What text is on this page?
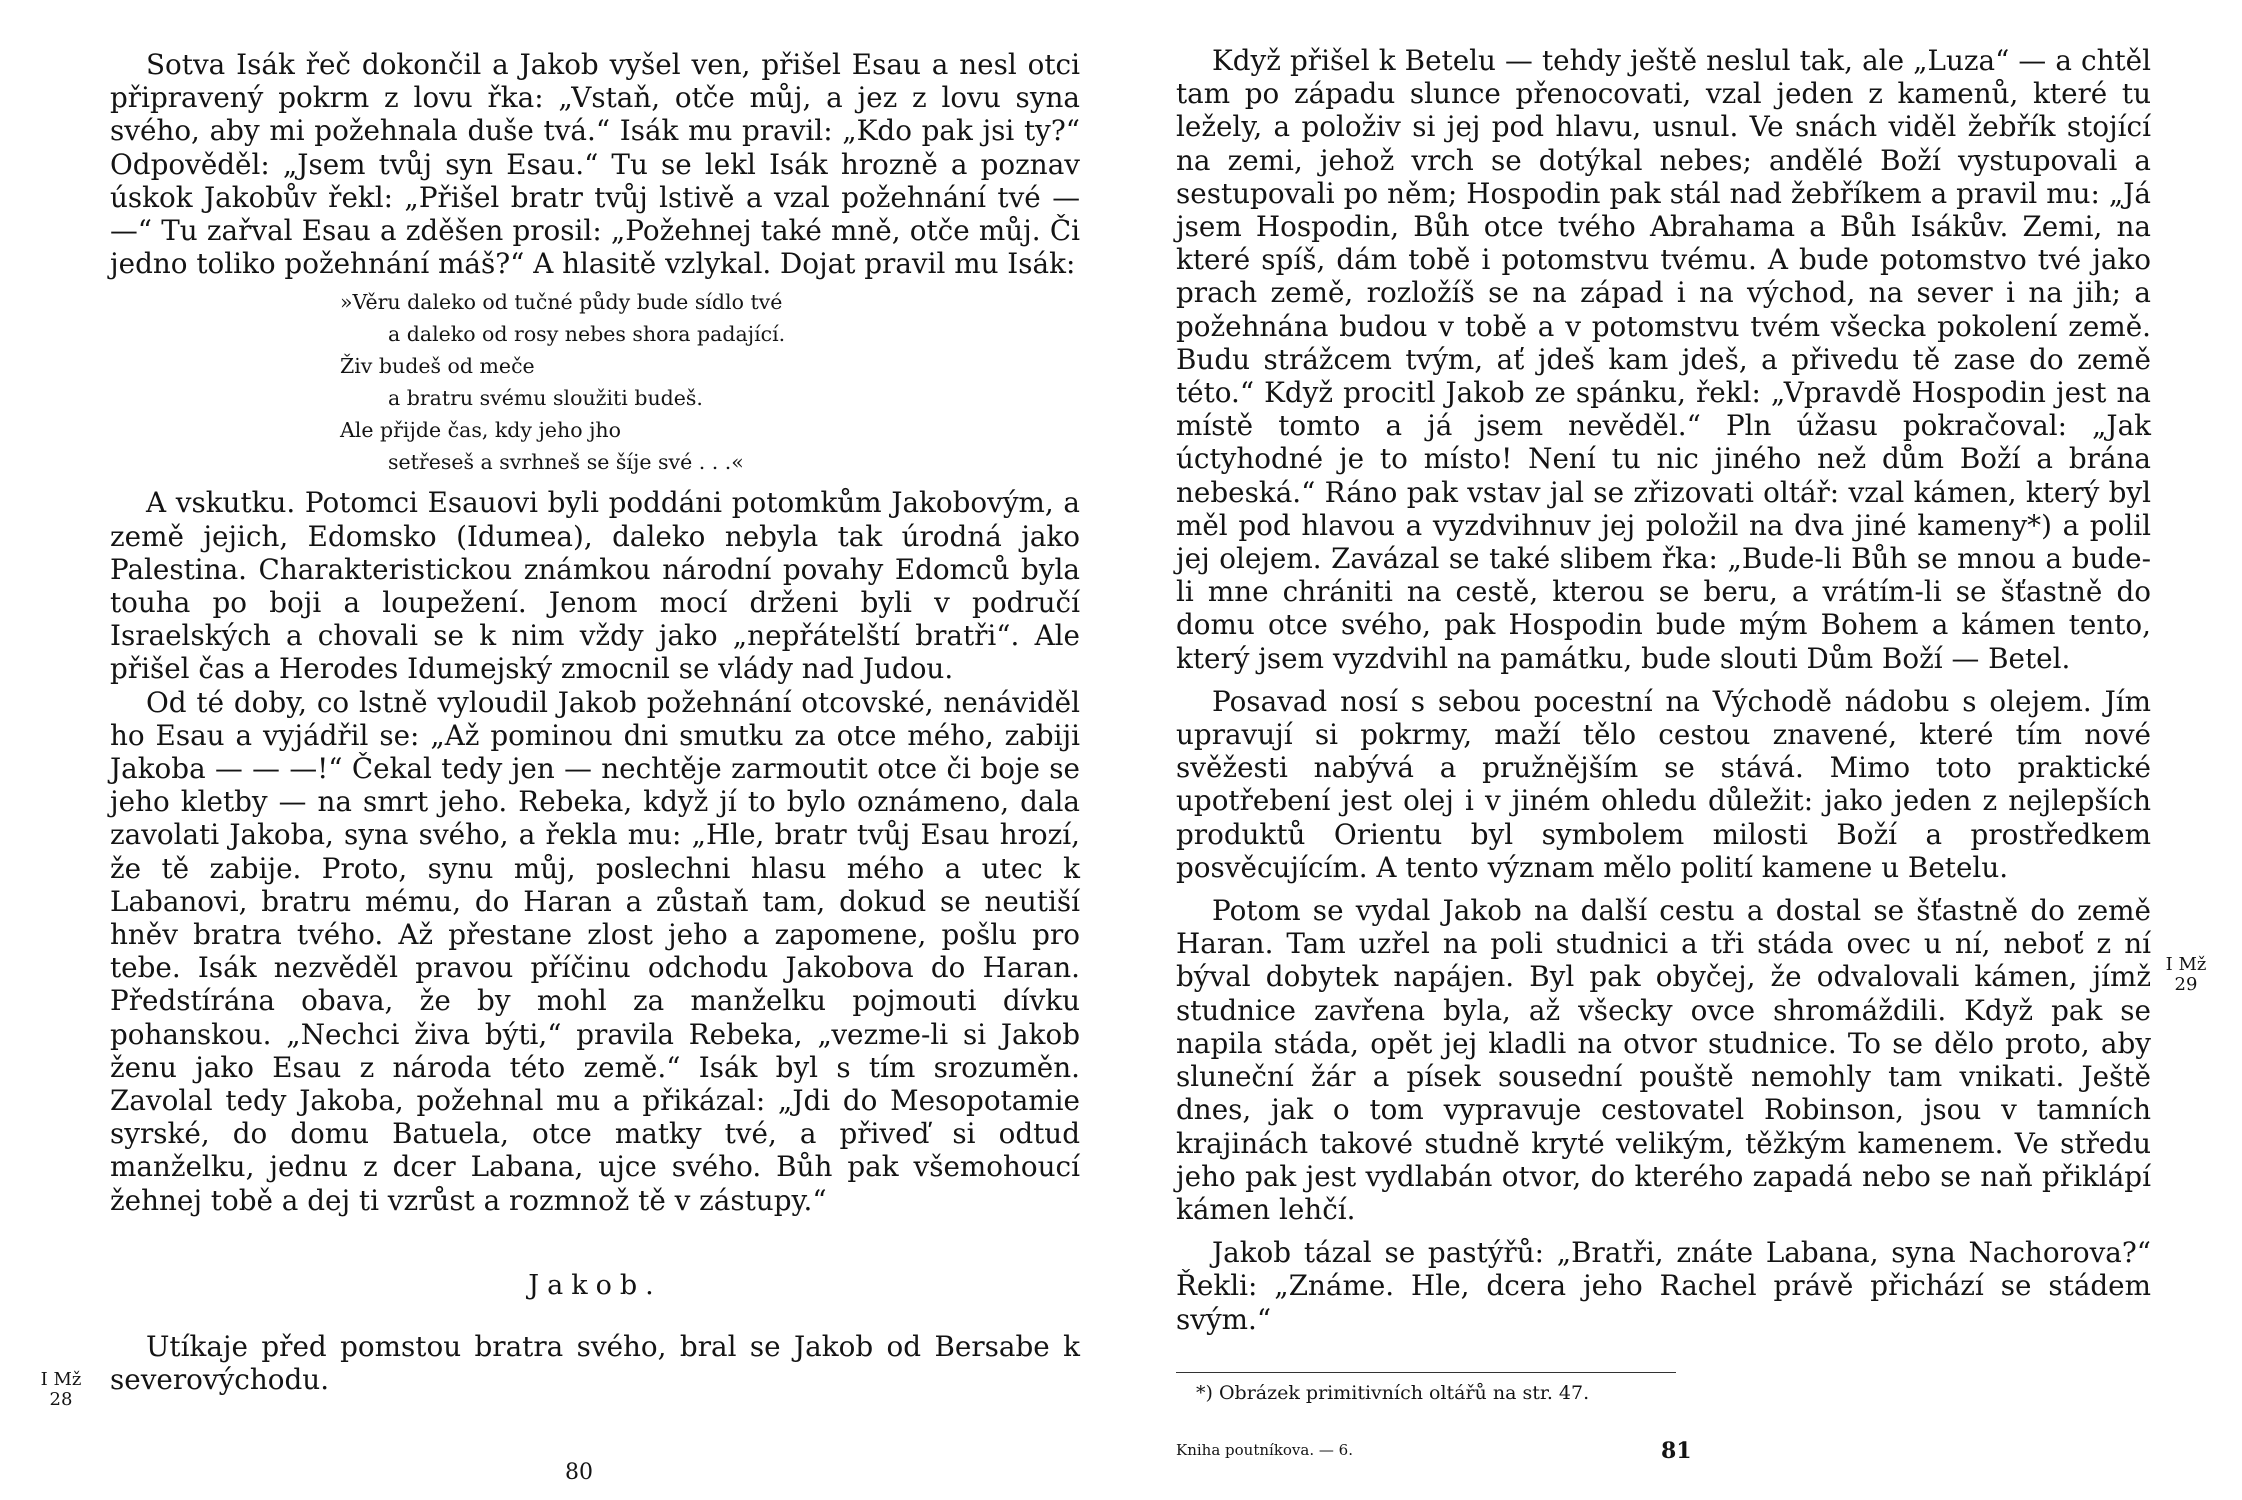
Sotva Isák řeč dokončil a Jakob vyšel ven, přišel Esau a nesl otci připravený pokrm z lovu řka: „Vstaň, otče můj, a jez z lovu syna svého, aby mi požehnala duše tvá.“ Isák mu pravil: „Kdo pak jsi ty?“ Odpověděl: „Jsem tvůj syn Esau.“ Tu se lekl Isák hrozně a poznav úskok Jakobův řekl: „Přišel bratr tvůj lstivě a vzal požehnání tvé — —“ Tu zařval Esau a zděšen prosil: „Požehnej také mně, otče můj. Či jedno toliko požehnání máš?“ A hlasitě vzlykal. Dojat pravil mu Isák:

»Věru daleko od tučné půdy bude sídlo tvé
a daleko od rosy nebes shora padající.
Živ budeš od meče
a bratru svému sloužiti budeš.
Ale přijde čas, kdy jeho jho
setřeseš a svrhneš se šíje své . . .«

A vskutku. Potomci Esauovi byli poddáni potomkům Jakobovým, a země jejich, Edomsko (Idumea), daleko nebyla tak úrodná jako Palestina. Charakteristickou známkou národní povahy Edomců byla touha po boji a loupežení. Jenom mocí drženi byli v područí Israelských a chovali se k nim vždy jako „nepřátelští bratři“. Ale přišel čas a Herodes Idumejský zmocnil se vlády nad Judou.

Od té doby, co lstně vyloudil Jakob požehnání otcovské, nenáviděl ho Esau a vyjádřil se: „Až pominou dni smutku za otce mého, zabiji Jakoba — — —!“ Čekal tedy jen — nechtěje zarmoutit otce či boje se jeho kletby — na smrt jeho. Rebeka, když jí to bylo oznámeno, dala zavolati Jakoba, syna svého, a řekla mu: „Hle, bratr tvůj Esau hrozí, že tě zabije. Proto, synu můj, poslechni hlasu mého a utec k Labanovi, bratru mému, do Haran a zůstaň tam, dokud se neutiší hněv bratra tvého. Až přestane zlost jeho a zapomene, pošlu pro tebe. Isák nezvěděl pravou příčinu odchodu Jakobova do Haran. Předstírána obava, že by mohl za manželku pojmouti dívku pohanskou. „Nechci živa býti,“ pravila Rebeka, „vezme-li si Jakob ženu jako Esau z národa této země.“ Isák byl s tím srozuměn. Zavolal tedy Jakoba, požehnal mu a přikázal: „Jdi do Mesopotamie syrské, do domu Batuela, otce matky tvé, a přiveď si odtud manželku, jednu z dcer Labana, ujce svého. Bůh pak všemohoucí žehnej tobě a dej ti vzrůst a rozmnož tě v zástupy.“

Jakob.

Utíkaje před pomstou bratra svého, bral se Jakob od Bersabe k severovýchodu.

I Mž
28
80

Když přišel k Betelu — tehdy ještě neslul tak, ale „Luza“ — a chtěl tam po západu slunce přenocovati, vzal jeden z kamenů, které tu ležely, a položiv si jej pod hlavu, usnul. Ve snách viděl žebřík stojící na zemi, jehož vrch se dotýkal nebes; andělé Boží vystupovali a sestupovali po něm; Hospodin pak stál nad žebříkem a pravil mu: „Já jsem Hospodin, Bůh otce tvého Abrahama a Bůh Isákův. Zemi, na které spíš, dám tobě i potomstvu tvému. A bude potomstvo tvé jako prach země, rozložíš se na západ i na východ, na sever i na jih; a požehnána budou v tobě a v potomstvu tvém všecka pokolení země. Budu strážcem tvým, ať jdeš kam jdeš, a přivedu tě zase do země této.“ Když procitl Jakob ze spánku, řekl: „Vpravdě Hospodin jest na místě tomto a já jsem nevěděl.“ Pln úžasu pokračoval: „Jak úctyhodné je to místo! Není tu nic jiného než dům Boží a brána nebeská.“ Ráno pak vstav jal se zřizovati oltář: vzal kámen, který byl měl pod hlavou a vyzdvihnuv jej položil na dva jiné kameny*) a polil jej olejem. Zavázal se také slibem řka: „Bude-li Bůh se mnou a bude-li mne chrániti na cestě, kterou se beru, a vrátím-li se šťastně do domu otce svého, pak Hospodin bude mým Bohem a kámen tento, který jsem vyzdvihl na památku, bude slouti Dům Boží — Betel.

Posavad nosí s sebou pocestní na Východě nádobu s olejem. Jím upravují si pokrmy, maží tělo cestou znavené, které tím nové svěžesti nabývá a pružnějším se stává. Mimo toto praktické upotřebení jest olej i v jiném ohledu důležit: jako jeden z nejlepších produktů Orientu byl symbolem milosti Boží a prostředkem posvěcujícím. A tento význam mělo polití kamene u Betelu.

Potom se vydal Jakob na další cestu a dostal se šťastně do země Haran. Tam uzřel na poli studnici a tři stáda ovec u ní, neboť z ní býval dobytek napájen. Byl pak obyčej, že odvalovali kámen, jímž studnice zavřena byla, až všecky ovce shromáždili. Když pak se napila stáda, opět jej kladli na otvor studnice. To se dělo proto, aby sluneční žár a písek sousední pouště nemohly tam vnikati. Ještě dnes, jak o tom vypravuje cestovatel Robinson, jsou v tamních krajinách takové studně kryté velikým, těžkým kamenem. Ve středu jeho pak jest vydlabán otvor, do kterého zapadá nebo se naň přiklápí kámen lehčí.

Jakob tázal se pastýřů: „Bratři, znáte Labana, syna Nachorova?“ Řekli: „Známe. Hle, dcera jeho Rachel právě přichází se stádem svým.“

I Mž
29
*) Obrázek primitivních oltářů na str. 47.
Kniha poutníkova. — 6.	81
